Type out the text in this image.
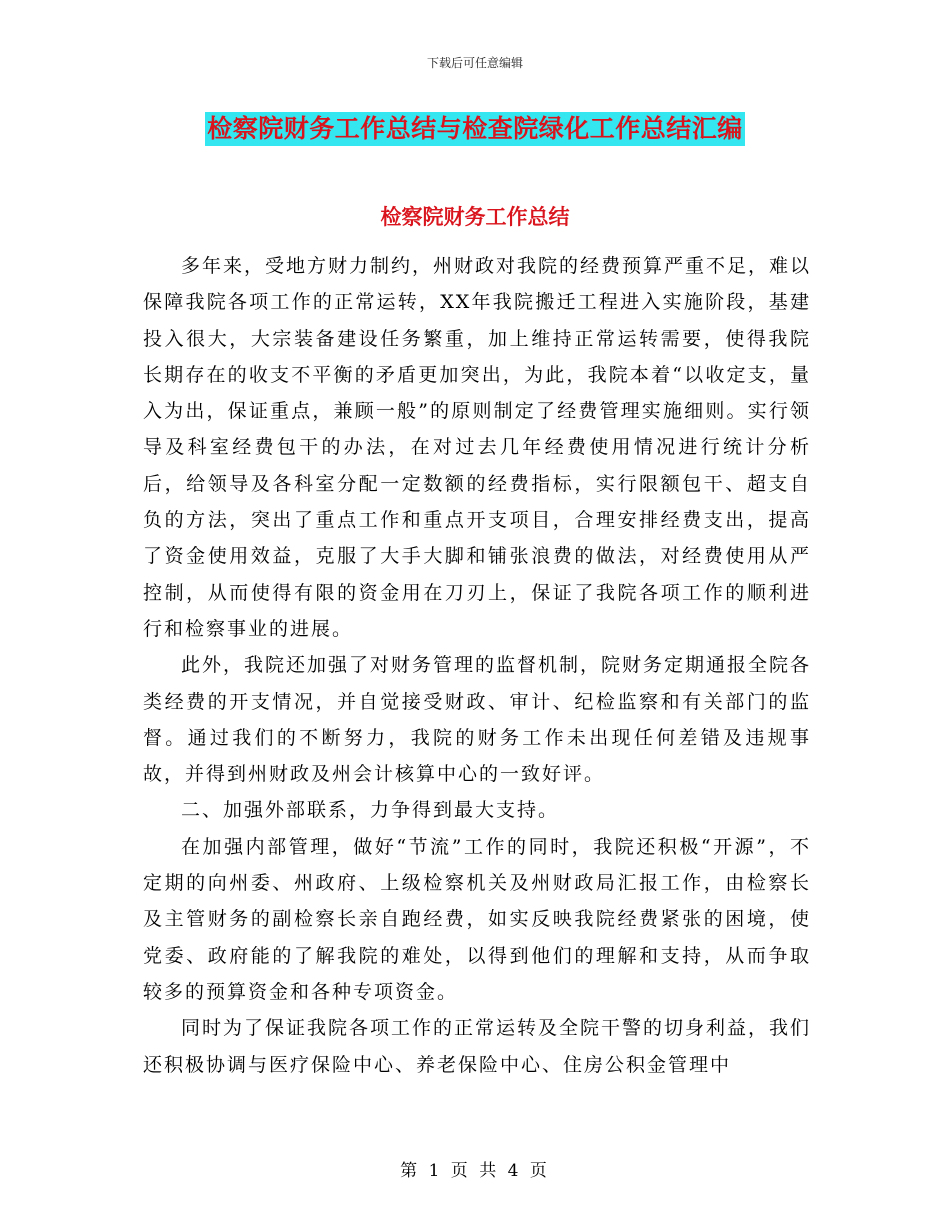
下载后可任意编辑
检察院财务工作总结与检查院绿化工作总结汇编
检察院财务工作总结

多年来，受地方财力制约，州财政对我院的经费预算严重不足，难以保障我院各项工作的正常运转，XX年我院搬迁工程进入实施阶段，基建投入很大，大宗装备建设任务繁重，加上维持正常运转需要，使得我院长期存在的收支不平衡的矛盾更加突出，为此，我院本着“以收定支，量入为出，保证重点，兼顾一般”的原则制定了经费管理实施细则。实行领导及科室经费包干的办法，在对过去几年经费使用情况进行统计分析后，给领导及各科室分配一定数额的经费指标，实行限额包干、超支自负的方法，突出了重点工作和重点开支项目，合理安排经费支出，提高了资金使用效益，克服了大手大脚和铺张浪费的做法，对经费使用从严控制，从而使得有限的资金用在刀刃上，保证了我院各项工作的顺利进行和检察事业的进展。

此外，我院还加强了对财务管理的监督机制，院财务定期通报全院各类经费的开支情况，并自觉接受财政、审计、纪检监察和有关部门的监督。通过我们的不断努力，我院的财务工作未出现任何差错及违规事故，并得到州财政及州会计核算中心的一致好评。

二、加强外部联系，力争得到最大支持。

在加强内部管理，做好“节流”工作的同时，我院还积极“开源”，不定期的向州委、州政府、上级检察机关及州财政局汇报工作，由检察长及主管财务的副检察长亲自跑经费，如实反映我院经费紧张的困境，使党委、政府能的了解我院的难处，以得到他们的理解和支持，从而争取较多的预算资金和各种专项资金。

同时为了保证我院各项工作的正常运转及全院干警的切身利益，我们还积极协调与医疗保险中心、养老保险中心、住房公积金管理中

第 1 页 共 4 页
